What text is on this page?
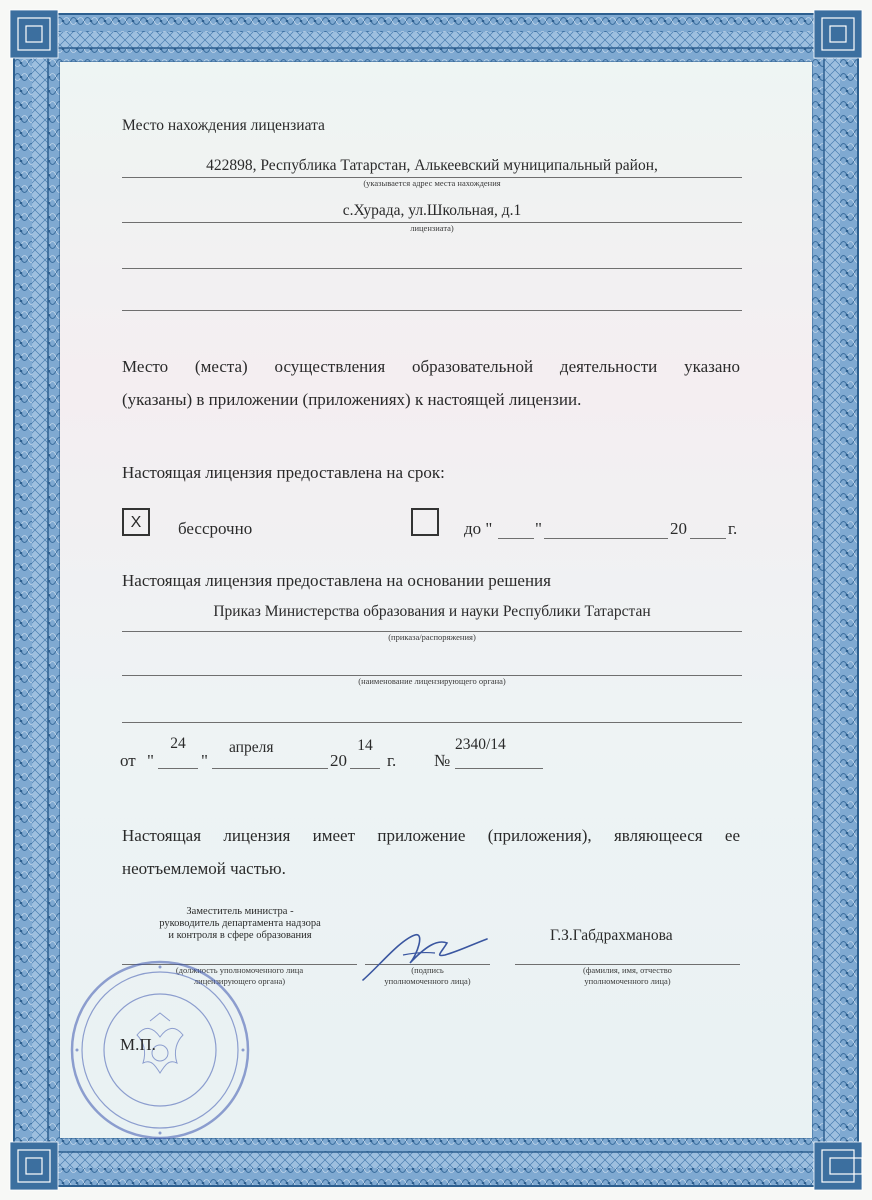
Место нахождения лицензиата
422898, Республика Татарстан, Алькеевский муниципальный район,
(указывается адрес места нахождения
с.Хурада, ул.Школьная, д.1
лицензиата)
Место (места) осуществления образовательной деятельности указано
(указаны) в приложении (приложениях) к настоящей лицензии.
Настоящая лицензия предоставлена на срок:
Х	бессрочно	до "	"	20 г.
Настоящая лицензия предоставлена на основании решения
Приказ Министерства образования и науки Республики Татарстан
(приказа/распоряжения)
(наименование лицензирующего органа)
от "
24
"
апреля
20
14
г. №
2340/14
Настоящая лицензия имеет приложение (приложения), являющееся ее
неотъемлемой частью.
Заместитель министра -
руководитель департамента надзора
и контроля в сфере образования	Г.З.Габдрахманова
(должность уполномоченного лица
лицензирующего органа)
(подпись
уполномоченного лица)
(фамилия, имя, отчество
уполномоченного лица)
М.П.
